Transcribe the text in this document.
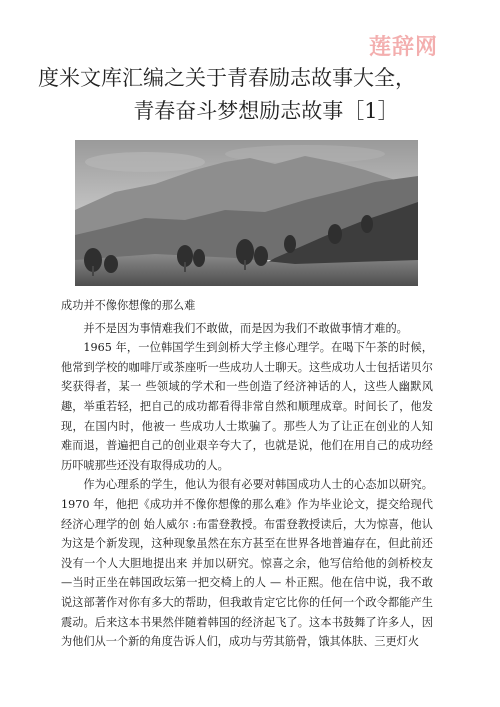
莲辞网
度米文库汇编之关于青春励志故事大全，
青春奋斗梦想励志故事［1］

成功并不像你想像的那么难

并不是因为事情难我们不敢做，而是因为我们不敢做事情才难的。

1965 年，一位韩国学生到剑桥大学主修心理学。在喝下午茶的时候，他常到学校的咖啡厅或茶座听一些成功人士聊天。这些成功人士包括诺贝尔奖获得者，某一 些领域的学术和一些创造了经济神话的人，这些人幽默风趣，举重若轻，把自己的成功都看得非常自然和顺理成章。时间长了，他发现，在国内时，他被一 些成功人士欺骗了。那些人为了让正在创业的人知难而退，普遍把自己的创业艰辛夸大了，也就是说，他们在用自己的成功经历吓唬那些还没有取得成功的人。

作为心理系的学生，他认为很有必要对韩国成功人士的心态加以研究。 1970 年，他把《成功并不像你想像的那么难》作为毕业论文，提交给现代经济心理学的创 始人威尔 :布雷登教授。布雷登教授读后，大为惊喜，他认为这是个新发现，这种现象虽然在东方甚至在世界各地普遍存在，但此前还没有一个人大胆地提出来 并加以研究。惊喜之余，他写信给他的剑桥校友 —当时正坐在韩国政坛第一把交椅上的人 — 朴正熙。他在信中说，我不敢说这部著作对你有多大的帮助，但我敢肯定它比你的任何一个政令都能产生震动。后来这本书果然伴随着韩国的经济起飞了。这本书鼓舞了许多人，因为他们从一个新的角度告诉人们，成功与劳其筋骨，饿其体肤、三更灯火
